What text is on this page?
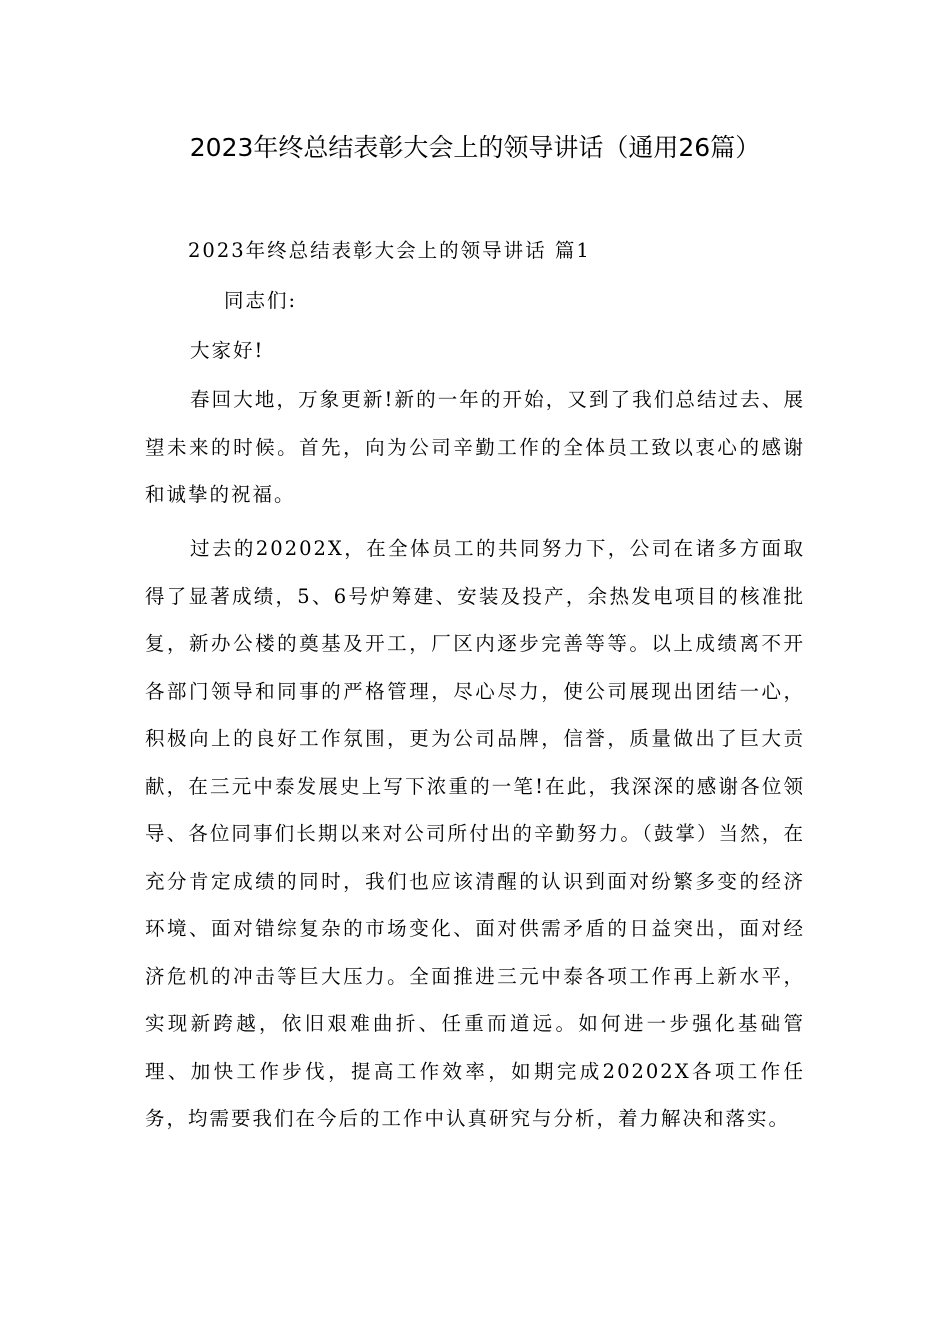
2023年终总结表彰大会上的领导讲话（通用26篇）
2023年终总结表彰大会上的领导讲话 篇1
同志们:
大家好!

春回大地，万象更新!新的一年的开始，又到了我们总结过去、展望未来的时候。首先，向为公司辛勤工作的全体员工致以衷心的感谢和诚挚的祝福。

过去的20202X，在全体员工的共同努力下，公司在诸多方面取得了显著成绩，5、6号炉筹建、安装及投产，余热发电项目的核准批复，新办公楼的奠基及开工，厂区内逐步完善等等。以上成绩离不开各部门领导和同事的严格管理，尽心尽力，使公司展现出团结一心，积极向上的良好工作氛围，更为公司品牌，信誉，质量做出了巨大贡献，在三元中泰发展史上写下浓重的一笔!在此，我深深的感谢各位领导、各位同事们长期以来对公司所付出的辛勤努力。（鼓掌）当然，在充分肯定成绩的同时，我们也应该清醒的认识到面对纷繁多变的经济环境、面对错综复杂的市场变化、面对供需矛盾的日益突出，面对经济危机的冲击等巨大压力。全面推进三元中泰各项工作再上新水平，实现新跨越，依旧艰难曲折、任重而道远。如何进一步强化基础管理、加快工作步伐，提高工作效率，如期完成20202X各项工作任务，均需要我们在今后的工作中认真研究与分析，着力解决和落实。
